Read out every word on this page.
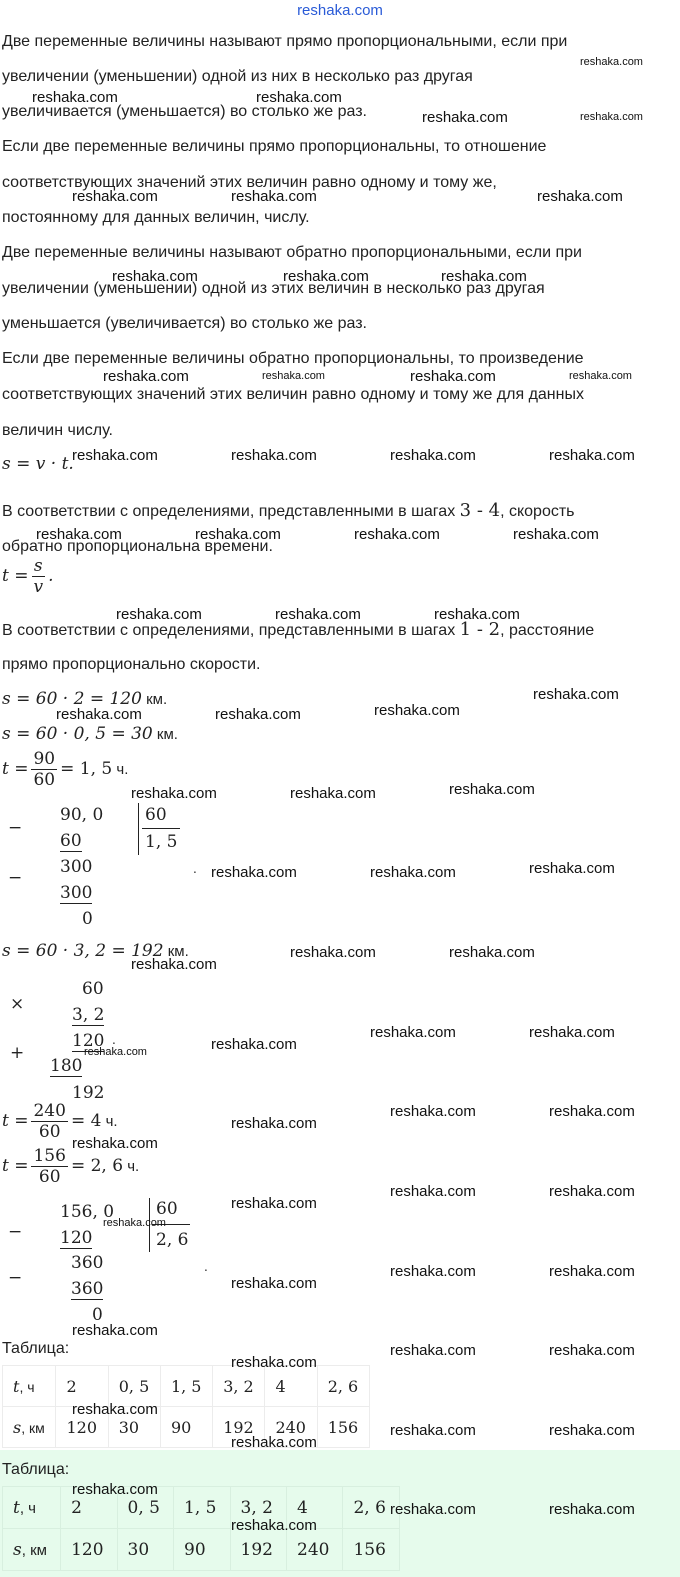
reshaka.com
Две переменные величины называют прямо пропорциональными, если при
увеличении (уменьшении) одной из них в несколько раз другая
увеличивается (уменьшается) во столько же раз.
Если две переменные величины прямо пропорциональны, то отношение
соответствующих значений этих величин равно одному и тому же,
постоянному для данных величин, числу.
Две переменные величины называют обратно пропорциональными, если при
увеличении (уменьшении) одной из этих величин в несколько раз другая
уменьшается (увеличивается) во столько же раз.
Если две переменные величины обратно пропорциональны, то произведение
соответствующих значений этих величин равно одному и тому же для данных
величин числу.
s = v · t.
В соответствии с определениями, представленными в шагах 3 - 4, скорость
обратно пропорциональна времени.
$t = \frac{s}{v}$ .
В соответствии с определениями, представленными в шагах 1 - 2, расстояние
прямо пропорционально скорости.
s = 60 · 2 = 120 км.
s = 60 · 0, 5 = 30 км.
$t = \frac{90}{60} = 1$, 5 ч.
−
90, 0
60
60
1, 5
−
300
300
0
.
s = 60 · 3, 2 = 192 км.
60
×
3, 2
120 .
+
180
192
$t = \frac{240}{60} = 4$ ч.
$t = \frac{156}{60} = 2$, 6 ч.
−
156, 0
120
60
2, 6
−
360
360
0
.
Таблица:
t, ч	2	0, 5	1, 5	3, 2	4	2, 6
s, км	120	30	90	192	240	156
Таблица:
t, ч	2	0, 5	1, 5	3, 2	4	2, 6
s, км	120	30	90	192	240	156
reshaka.com
reshaka.com	reshaka.com
reshaka.com	reshaka.com
reshaka.com	reshaka.com	reshaka.com
reshaka.com	reshaka.com	reshaka.com
reshaka.com	reshaka.com	reshaka.com	reshaka.com
reshaka.com	reshaka.com	reshaka.com	reshaka.com
reshaka.com	reshaka.com	reshaka.com	reshaka.com
reshaka.com	reshaka.com	reshaka.com
reshaka.com
reshaka.com	reshaka.com	reshaka.com
reshaka.com	reshaka.com	reshaka.com
reshaka.com	reshaka.com	reshaka.com
reshaka.com
reshaka.com	reshaka.com
reshaka.com	reshaka.com
reshaka.com
reshaka.com
reshaka.com	reshaka.com
reshaka.com
reshaka.com
reshaka.com	reshaka.com
reshaka.com
reshaka.com
reshaka.com	reshaka.com
reshaka.com
reshaka.com
reshaka.com	reshaka.com
reshaka.com
reshaka.com
reshaka.com	reshaka.com
reshaka.com
reshaka.com
reshaka.com	reshaka.com
reshaka.com
